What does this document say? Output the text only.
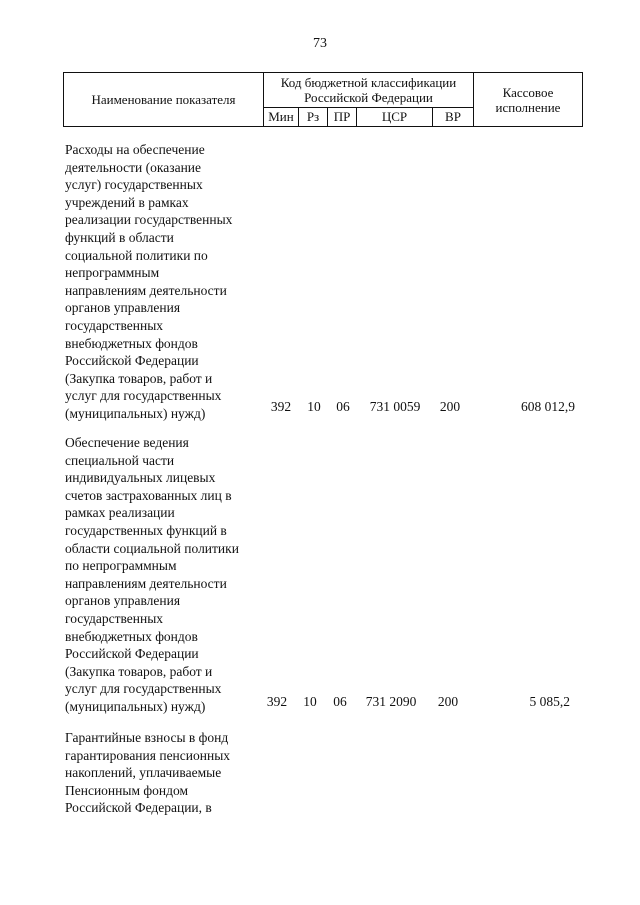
73
Наименование показателя	Код бюджетной классификации Российской Федерации					Кассовое исполнение
	Мин	Рз	ПР	ЦСР	ВР	
Расходы на обеспечение
деятельности (оказание
услуг) государственных
учреждений в рамках
реализации государственных
функций в области
социальной политики по
непрограммным
направлениям деятельности
органов управления
государственных
внебюджетных фондов
Российской Федерации
(Закупка товаров, работ и
услуг для государственных
(муниципальных) нужд)	392	10	06	731 0059	200	608 012,9
Обеспечение ведения
специальной части
индивидуальных лицевых
счетов застрахованных лиц в
рамках реализации
государственных функций в
области социальной политики
по непрограммным
направлениям деятельности
органов управления
государственных
внебюджетных фондов
Российской Федерации
(Закупка товаров, работ и
услуг для государственных
(муниципальных) нужд)	392	10	06	731 2090	200	5 085,2
Гарантийные взносы в фонд
гарантирования пенсионных
накоплений, уплачиваемые
Пенсионным фондом
Российской Федерации, в
